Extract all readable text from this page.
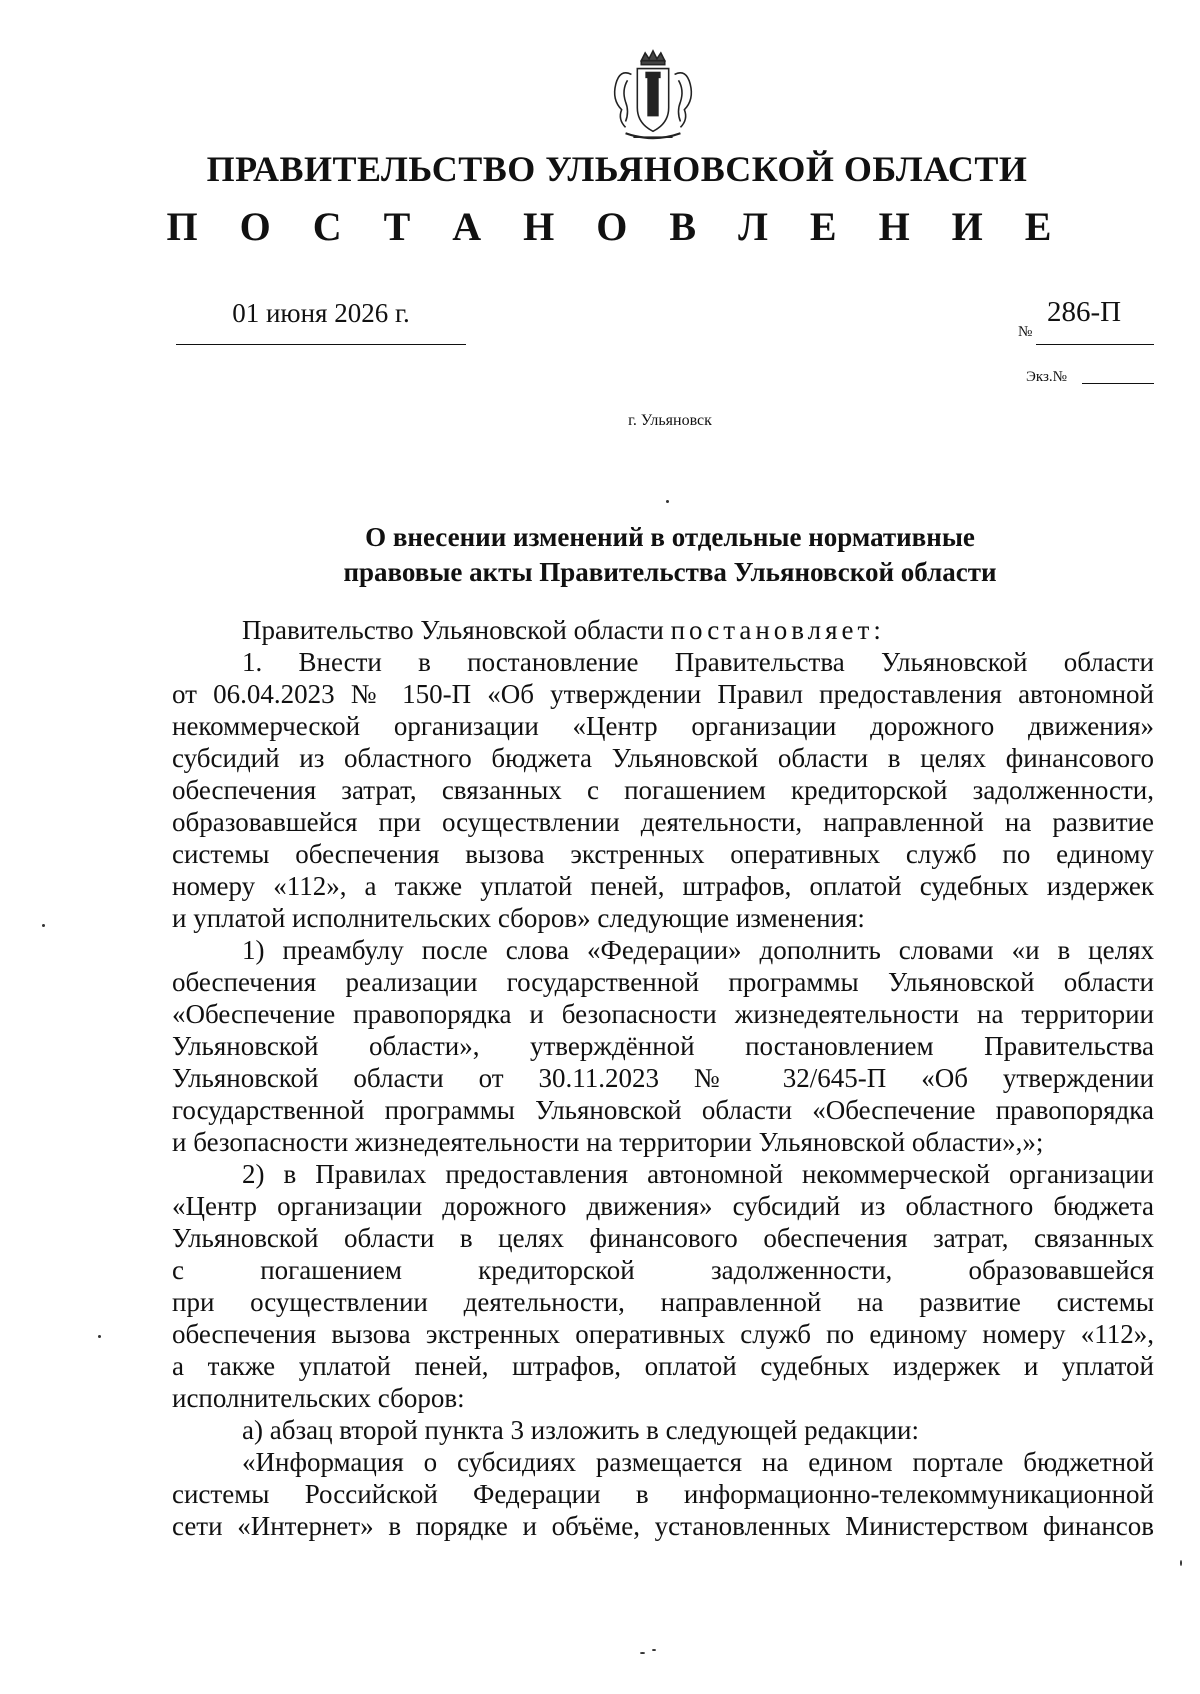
ПРАВИТЕЛЬСТВО УЛЬЯНОВСКОЙ ОБЛАСТИ
П О С Т А Н О В Л Е Н И Е
01 июня 2026 г.	286-П
№
Экз.№
г. Ульяновск
О внесении изменений в отдельные нормативные
правовые акты Правительства Ульяновской области

Правительство Ульяновской области постановляет:

1. Внести в постановление Правительства Ульяновской области

от 06.04.2023 № 150-П «Об утверждении Правил предоставления автономной

некоммерческой организации «Центр организации дорожного движения»

субсидий из областного бюджета Ульяновской области в целях финансового

обеспечения затрат, связанных с погашением кредиторской задолженности,

образовавшейся при осуществлении деятельности, направленной на развитие

системы обеспечения вызова экстренных оперативных служб по единому

номеру «112», а также уплатой пеней, штрафов, оплатой судебных издержек

и уплатой исполнительских сборов» следующие изменения:

1) преамбулу после слова «Федерации» дополнить словами «и в целях

обеспечения реализации государственной программы Ульяновской области

«Обеспечение правопорядка и безопасности жизнедеятельности на территории

Ульяновской области», утверждённой постановлением Правительства

Ульяновской области от 30.11.2023 № 32/645-П «Об утверждении

государственной программы Ульяновской области «Обеспечение правопорядка

и безопасности жизнедеятельности на территории Ульяновской области»,»;

2) в Правилах предоставления автономной некоммерческой организации

«Центр организации дорожного движения» субсидий из областного бюджета

Ульяновской области в целях финансового обеспечения затрат, связанных

с погашением кредиторской задолженности, образовавшейся

при осуществлении деятельности, направленной на развитие системы

обеспечения вызова экстренных оперативных служб по единому номеру «112»,

а также уплатой пеней, штрафов, оплатой судебных издержек и уплатой

исполнительских сборов:

а) абзац второй пункта 3 изложить в следующей редакции:

«Информация о субсидиях размещается на едином портале бюджетной

системы Российской Федерации в информационно-телекоммуникационной

сети «Интернет» в порядке и объёме, установленных Министерством финансов
